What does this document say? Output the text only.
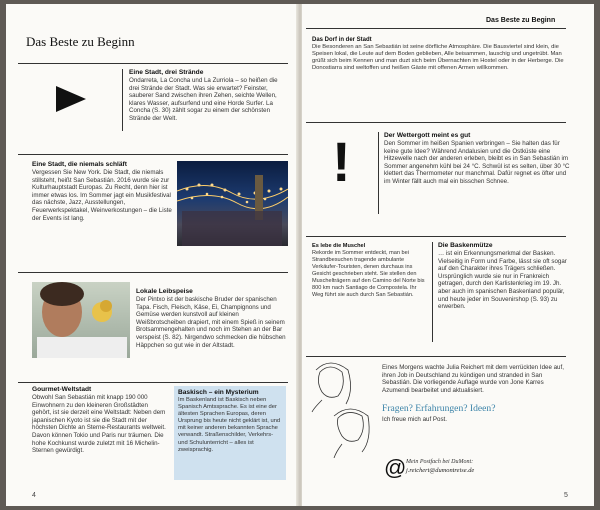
Das Beste zu Beginn
Eine Stadt, drei Strände
Ondarreta, La Concha und La Zurriola – so heißen die drei Strände der Stadt. Was sie erwartet? Feinster, sauberer Sand zwischen ihren Zehen, seichte Wellen, klares Wasser, aufsurfend und eine Horde Surfer. La Concha (S. 30) zählt sogar zu einem der schönsten Strände der Welt.
Eine Stadt, die niemals schläft
Vergessen Sie New York. Die Stadt, die niemals stillsteht, heißt San Sebastián. 2016 wurde sie zur Kulturhauptstadt Europas. Zu Recht, denn hier ist immer etwas los. Im Sommer jagt ein Musikfestival das nächste, Jazz, Ausstellungen, Feuerwerkspektakel, Weinverkostungen – die Liste der Events ist lang.
Lokale Leibspeise
Der Pintxo ist der baskische Bruder der spanischen Tapa. Fisch, Fleisch, Käse, Ei, Champignons und Gemüse werden kunstvoll auf kleinen Weißbrotscheiben drapiert, mit einem Spieß in seinem Brotsammengehalten und noch im Stehen an der Bar verspeist (S. 82). Nirgendwo schmecken die hübschen Häppchen so gut wie in der Altstadt.
Gourmet-Weltstadt
Obwohl San Sebastián mit knapp 190 000 Einwohnern zu den kleineren Großstädten gehört, ist sie derzeit eine Weltstadt: Neben dem japanischen Kyoto ist sie die Stadt mit der höchsten Dichte an Sterne-Restaurants weltweit. Davon können Tokio und Paris nur träumen. Die hohe Kochkunst wurde zuletzt mit 16 Michelin-Sternen gewürdigt.
Baskisch – ein Mysterium
Im Baskenland ist Baskisch neben Spanisch Amtssprache. Es ist eine der ältesten Sprachen Europas, deren Ursprung bis heute nicht geklärt ist, und mit keiner anderen bekannten Sprache verwandt. Straßenschilder, Verkehrs- und Schulunterricht – alles ist zweisprachig.
4
Das Beste zu Beginn
Das Dorf in der Stadt
Die Besonderen an San Sebastián ist seine dörfliche Atmosphäre. Die Bausviertel sind klein, die Speisen lokal, die Leute auf dem Boden geblieben, Alle beisammen, lauschig und ungetrübt. Man grüßt sich beim Kennen und man duzt sich beim Übernachten im Hostel oder in der Herberge. Die Donostiarra sind weltoffen und heißen Gäste mit offenen Armen willkommen.
!	Der Wettergott meint es gut
Den Sommer im heißen Spanien verbringen – Sie halten das für keine gute Idee? Während Andalusien und die Ostküste eine Hitzewelle nach der anderen erleben, bleibt es in San Sebastián im Sommer angenehm kühl bei 24 °C. Schwül ist es selten, über 30 °C klettert das Thermometer nur manchmal. Dafür regnet es öfter und im Winter fällt auch mal ein bisschen Schnee.
Es lebe die Muschel
Rekorde im Sommer entdeckt, man bei Strandbesuchen tragende ambulante Verkäufer-Touristen, denen durchaus ins Gesicht geschrieben steht. Sie stellen den Muschelträgern auf den Camino del Norte bis 800 km nach Santiago de Compostela. Ihr Weg führt sie auch durch San Sebastián.
Die Baskenmütze
… ist ein Erkennungsmerkmal der Basken. Vielseitig in Form und Farbe, lässt sie oft sogar auf den Charakter ihres Trägers schließen. Ursprünglich wurde sie nur in Frankreich getragen, durch den Karlistenkrieg im 19. Jh. aber auch im spanischen Baskenland populär, und heute jeder im Souvenirshop (S. 93) zu erwerben.
Eines Morgens wachte Julia Reichert mit dem verrückten Idee auf, ihren Job in Deutschland zu kündigen und stranded in San Sebastián. Die vorliegende Auflage wurde von Jone Karres Azumendi bearbeitet und aktualisiert.
Fragen? Erfahrungen? Ideen?
Ich freue mich auf Post.
@ Mein Postfach bei DuMont:
j.reichert@dumontreise.de
5
